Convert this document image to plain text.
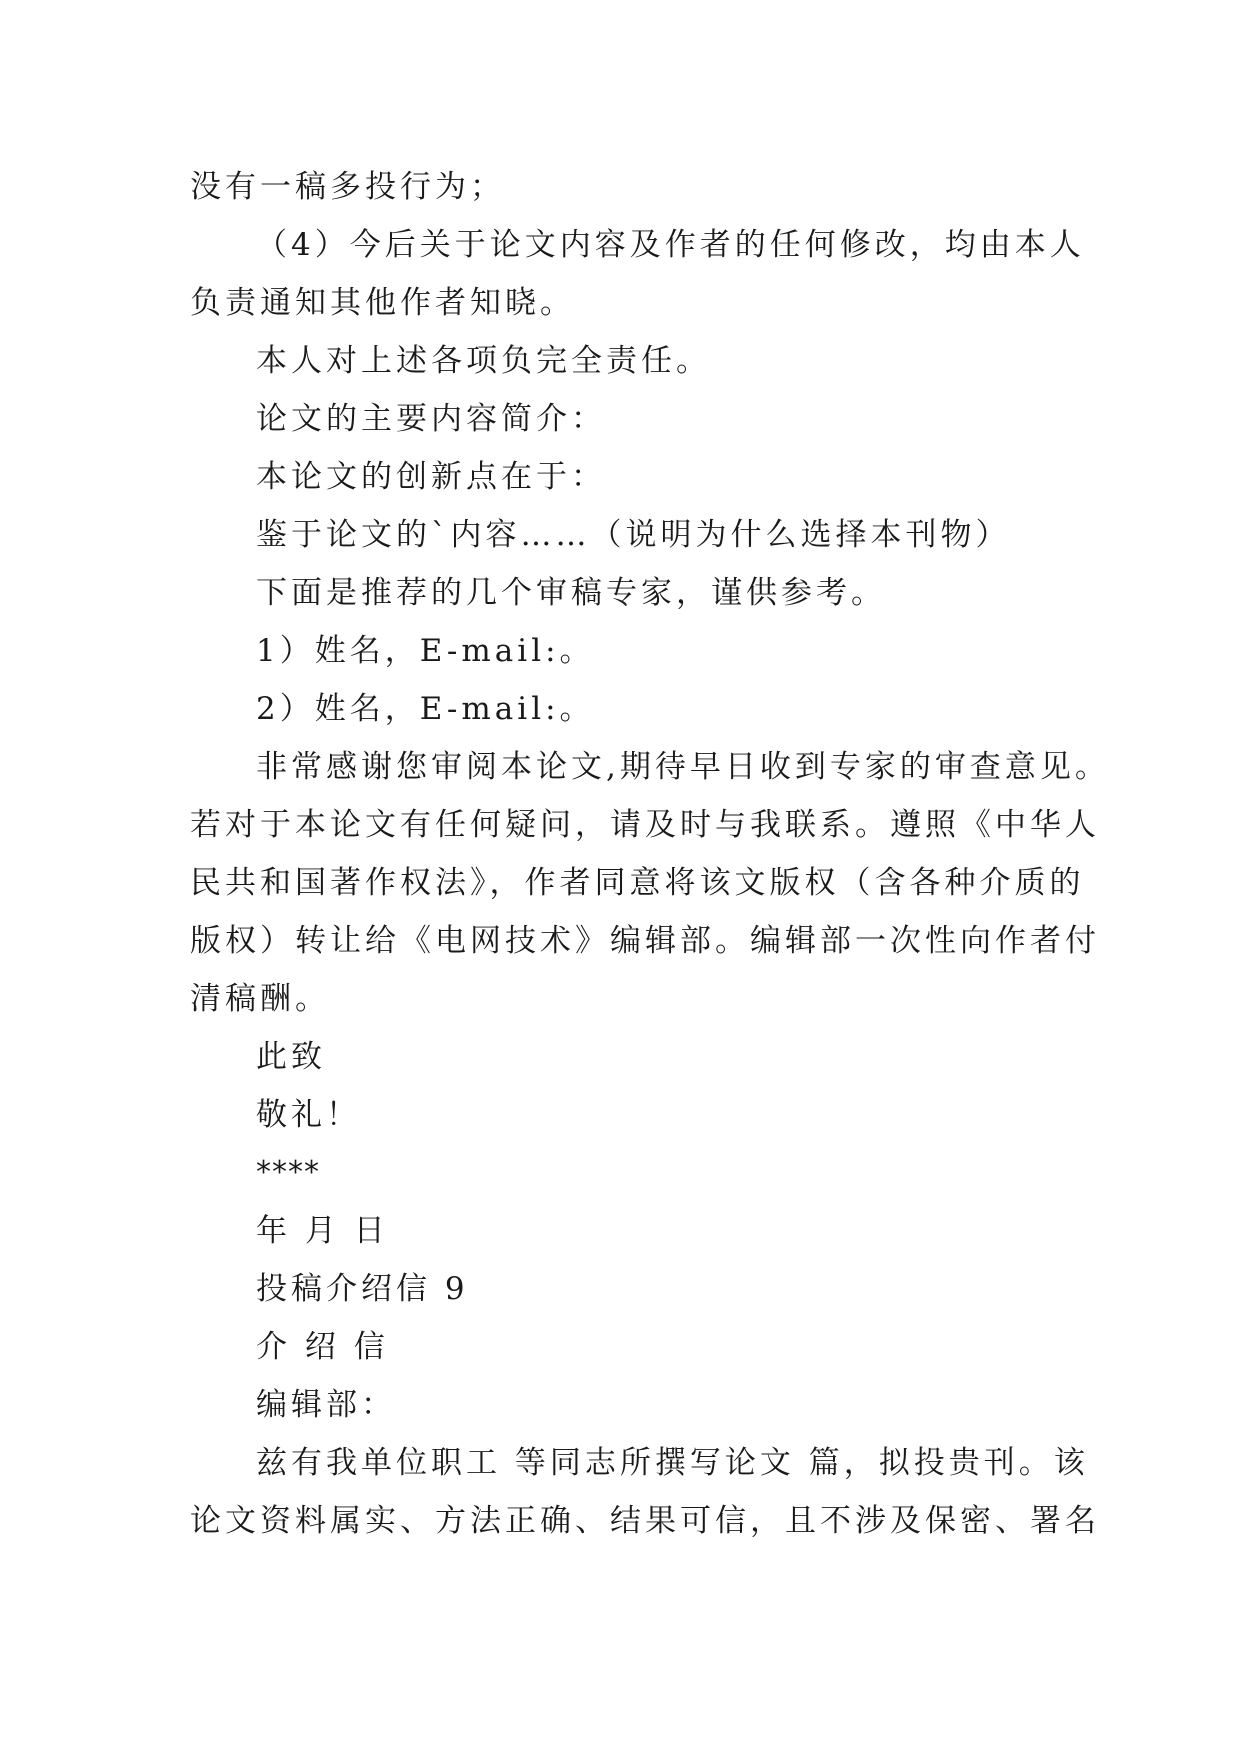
没有一稿多投行为；

（4）今后关于论文内容及作者的任何修改，均由本人

负责通知其他作者知晓。

本人对上述各项负完全责任。

论文的主要内容简介：

本论文的创新点在于：

鉴于论文的`内容……（说明为什么选择本刊物）

下面是推荐的几个审稿专家，谨供参考。

1）姓名，E-mail:。

2）姓名，E-mail:。

非常感谢您审阅本论文,期待早日收到专家的审查意见。

若对于本论文有任何疑问，请及时与我联系。遵照《中华人

民共和国著作权法》，作者同意将该文版权（含各种介质的

版权）转让给《电网技术》编辑部。编辑部一次性向作者付

清稿酬。

此致

敬礼！

****

年 月 日

投稿介绍信 9

介 绍 信

编辑部：

兹有我单位职工 等同志所撰写论文 篇，拟投贵刊。该

论文资料属实、方法正确、结果可信，且不涉及保密、署名
